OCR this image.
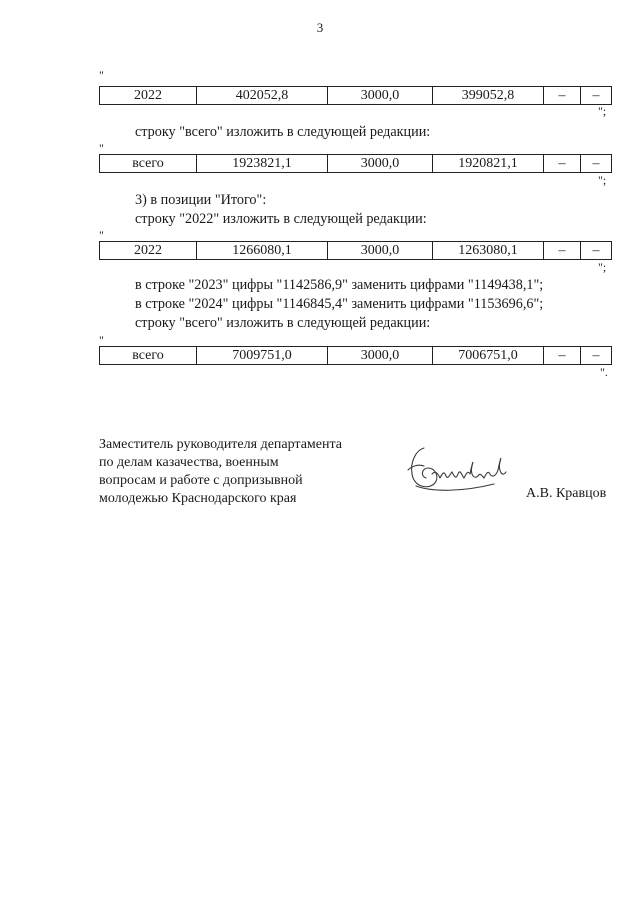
3
"
2022	402052,8	3000,0	399052,8	–	–
";
строку "всего" изложить в следующей редакции:
"
всего	1923821,1	3000,0	1920821,1	–	–
";
3) в позиции "Итого":
строку "2022" изложить в следующей редакции:
"
2022	1266080,1	3000,0	1263080,1	–	–
";
в строке "2023" цифры "1142586,9" заменить цифрами "1149438,1";
в строке "2024" цифры "1146845,4" заменить цифрами "1153696,6";
строку "всего" изложить в следующей редакции:
"
всего	7009751,0	3000,0	7006751,0	–	–
".
Заместитель руководителя департамента
по делам казачества, военным
вопросам и работе с допризывной
молодежью Краснодарского края	А.В. Кравцов
